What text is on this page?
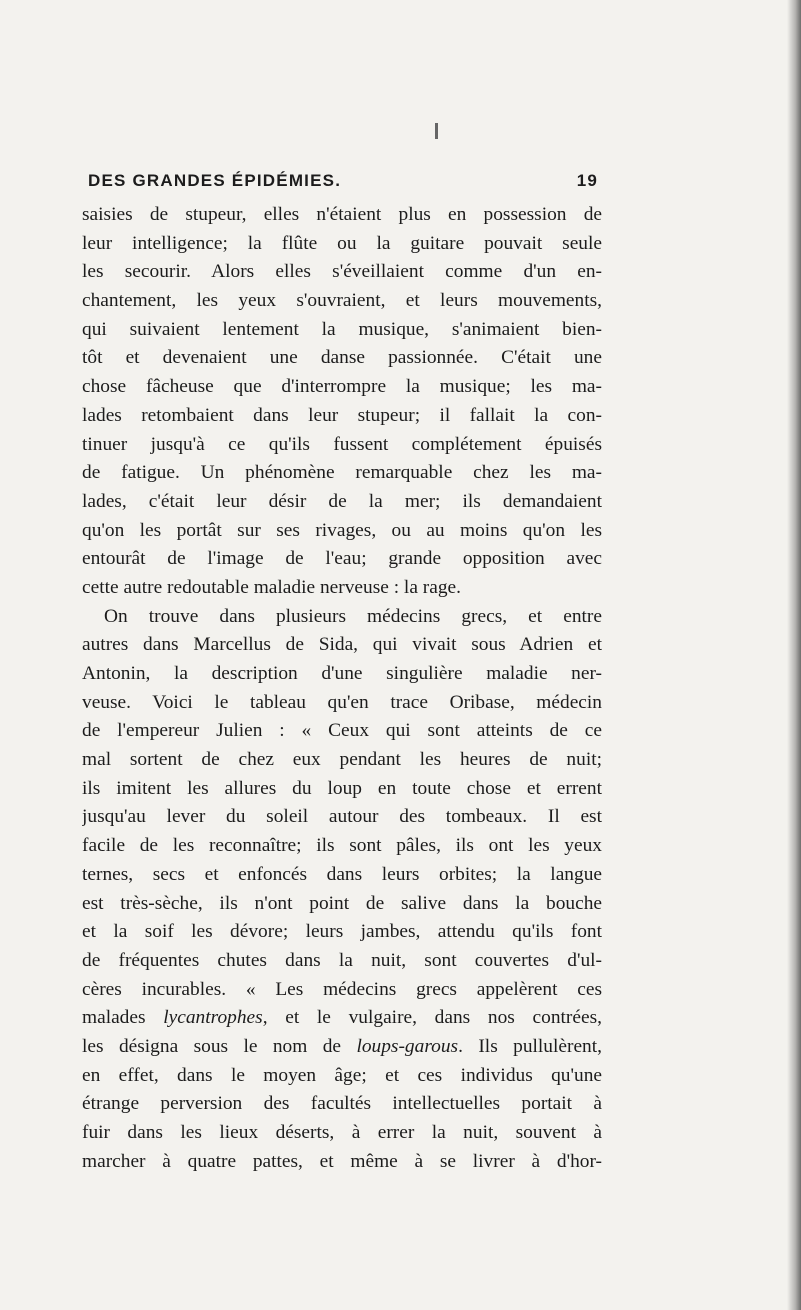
DES GRANDES ÉPIDÉMIES.	19
saisies de stupeur, elles n'étaient plus en possession de
leur intelligence; la flûte ou la guitare pouvait seule
les secourir. Alors elles s'éveillaient comme d'un en-
chantement, les yeux s'ouvraient, et leurs mouvements,
qui suivaient lentement la musique, s'animaient bien-
tôt et devenaient une danse passionnée. C'était une
chose fâcheuse que d'interrompre la musique; les ma-
lades retombaient dans leur stupeur; il fallait la con-
tinuer jusqu'à ce qu'ils fussent complétement épuisés
de fatigue. Un phénomène remarquable chez les ma-
lades, c'était leur désir de la mer; ils demandaient
qu'on les portât sur ses rivages, ou au moins qu'on les
entourât de l'image de l'eau; grande opposition avec
cette autre redoutable maladie nerveuse : la rage.
On trouve dans plusieurs médecins grecs, et entre
autres dans Marcellus de Sida, qui vivait sous Adrien et
Antonin, la description d'une singulière maladie ner-
veuse. Voici le tableau qu'en trace Oribase, médecin
de l'empereur Julien : « Ceux qui sont atteints de ce
mal sortent de chez eux pendant les heures de nuit;
ils imitent les allures du loup en toute chose et errent
jusqu'au lever du soleil autour des tombeaux. Il est
facile de les reconnaître; ils sont pâles, ils ont les yeux
ternes, secs et enfoncés dans leurs orbites; la langue
est très-sèche, ils n'ont point de salive dans la bouche
et la soif les dévore; leurs jambes, attendu qu'ils font
de fréquentes chutes dans la nuit, sont couvertes d'ul-
cères incurables. « Les médecins grecs appelèrent ces
malades lycantrophes, et le vulgaire, dans nos contrées,
les désigna sous le nom de loups-garous. Ils pullulèrent,
en effet, dans le moyen âge; et ces individus qu'une
étrange perversion des facultés intellectuelles portait à
fuir dans les lieux déserts, à errer la nuit, souvent à
marcher à quatre pattes, et même à se livrer à d'hor-
